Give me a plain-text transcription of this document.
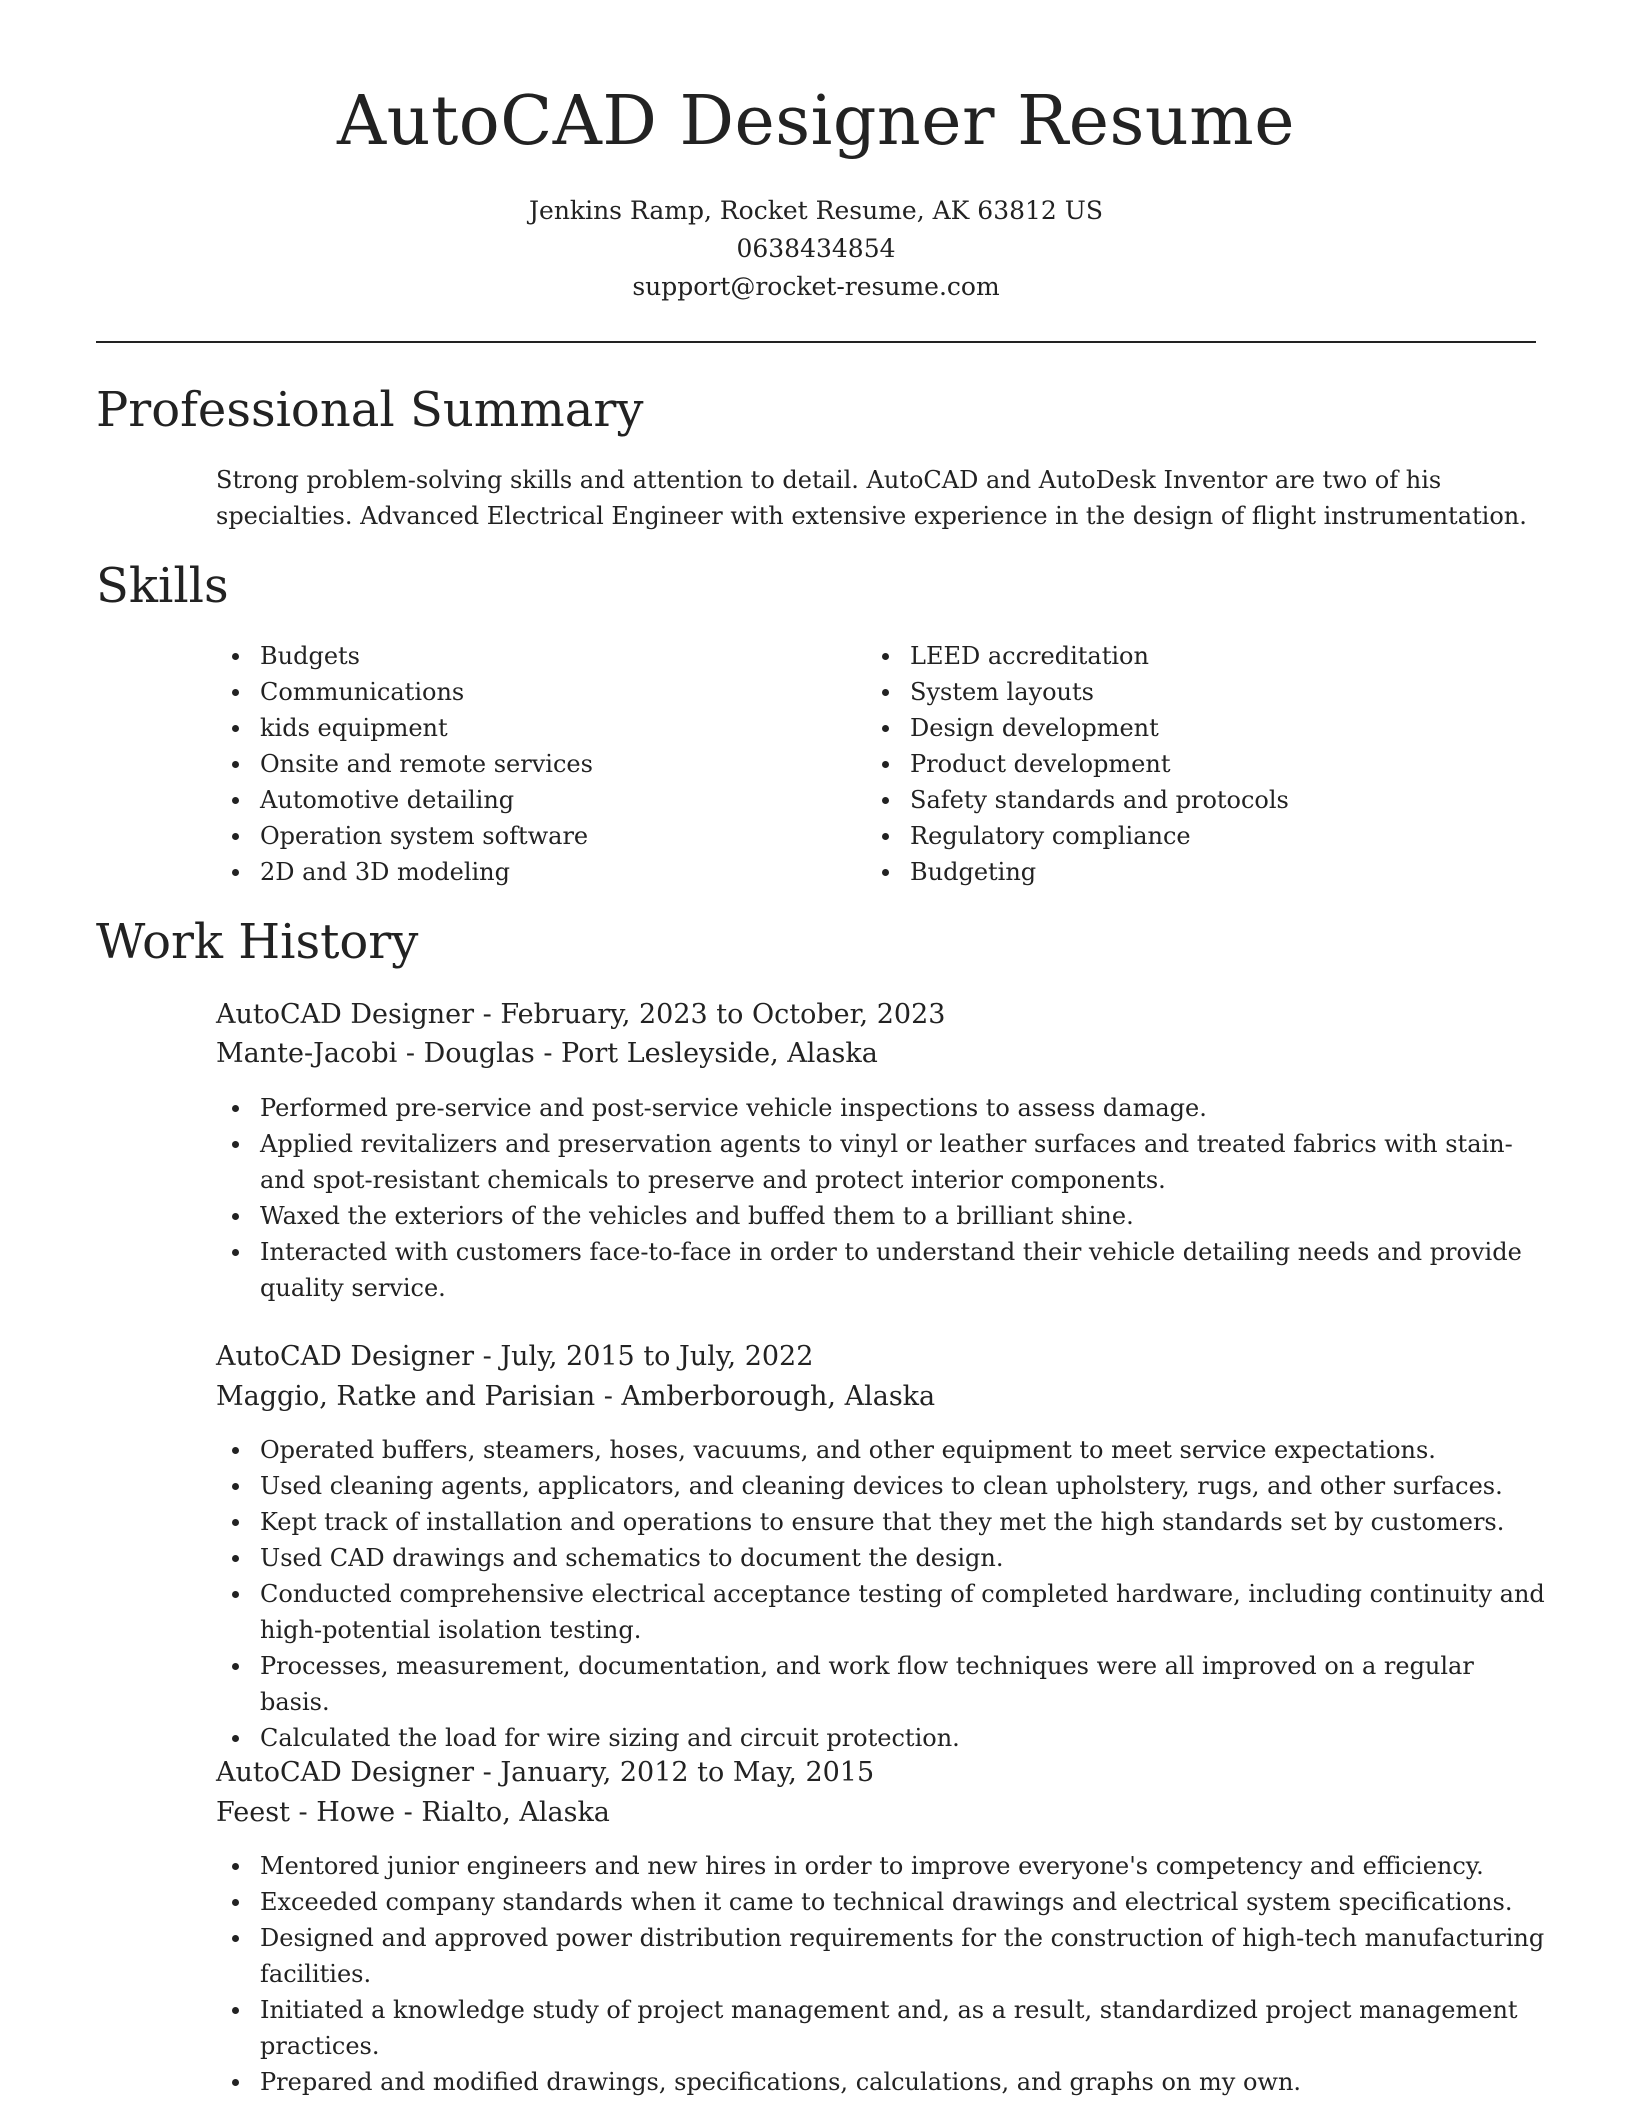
AutoCAD Designer Resume

Jenkins Ramp, Rocket Resume, AK 63812 US

0638434854

support@rocket-resume.com

Professional Summary

Strong problem-solving skills and attention to detail. AutoCAD and AutoDesk Inventor are two of his specialties. Advanced Electrical Engineer with extensive experience in the design of flight instrumentation.

Skills
Budgets
Communications
kids equipment
Onsite and remote services
Automotive detailing
Operation system software
2D and 3D modeling
LEED accreditation
System layouts
Design development
Product development
Safety standards and protocols
Regulatory compliance
Budgeting
Work History

AutoCAD Designer - February, 2023 to October, 2023

Mante-Jacobi - Douglas - Port Lesleyside, Alaska

Performed pre-service and post-service vehicle inspections to assess damage.
Applied revitalizers and preservation agents to vinyl or leather surfaces and treated fabrics with stain- and spot-resistant chemicals to preserve and protect interior components.
Waxed the exteriors of the vehicles and buffed them to a brilliant shine.
Interacted with customers face-to-face in order to understand their vehicle detailing needs and provide quality service.

AutoCAD Designer - July, 2015 to July, 2022

Maggio, Ratke and Parisian - Amberborough, Alaska

Operated buffers, steamers, hoses, vacuums, and other equipment to meet service expectations.
Used cleaning agents, applicators, and cleaning devices to clean upholstery, rugs, and other surfaces.
Kept track of installation and operations to ensure that they met the high standards set by customers.
Used CAD drawings and schematics to document the design.
Conducted comprehensive electrical acceptance testing of completed hardware, including continuity and high-potential isolation testing.
Processes, measurement, documentation, and work flow techniques were all improved on a regular basis.
Calculated the load for wire sizing and circuit protection.

AutoCAD Designer - January, 2012 to May, 2015

Feest - Howe - Rialto, Alaska

Mentored junior engineers and new hires in order to improve everyone's competency and efficiency.
Exceeded company standards when it came to technical drawings and electrical system specifications.
Designed and approved power distribution requirements for the construction of high-tech manufacturing facilities.
Initiated a knowledge study of project management and, as a result, standardized project management practices.
Prepared and modified drawings, specifications, calculations, and graphs on my own.
